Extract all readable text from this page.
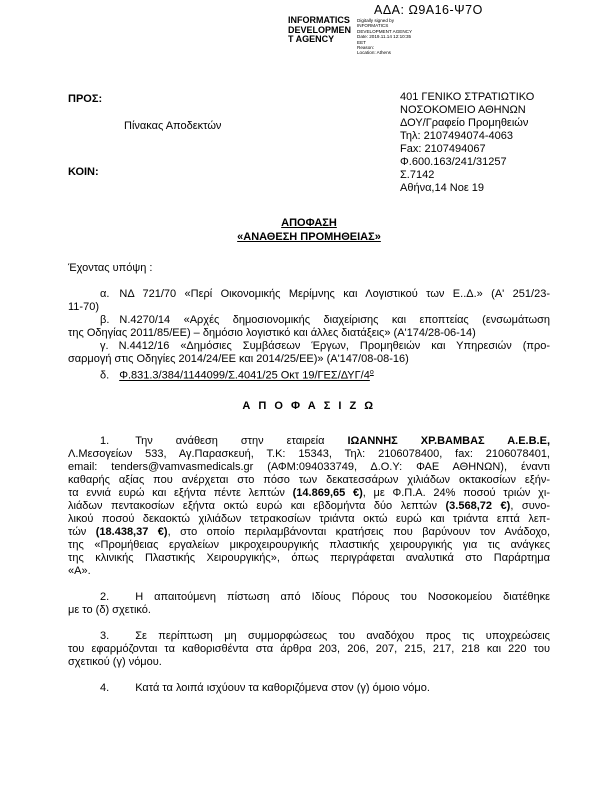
ΑΔΑ: Ω9Α16-Ψ7Ο
INFORMATICS
DEVELOPMEN
T AGENCY
Digitally signed by
INFORMATICS
DEVELOPMENT AGENCY
Date: 2019.11.14 12:10:35
EET
Reason:
Location: Athens
ΠΡΟΣ:
Πίνακας Αποδεκτών
ΚΟΙΝ:
401 ΓΕΝΙΚΟ ΣΤΡΑΤΙΩΤΙΚΟ
ΝΟΣΟΚΟΜΕΙΟ ΑΘΗΝΩΝ
ΔΟΥ/Γραφείο Προμηθειών
Τηλ: 2107494074-4063
Fax: 2107494067
Φ.600.163/241/31257
Σ.7142
Αθήνα,14 Νοε 19
ΑΠΟΦΑΣΗ
«ΑΝΑΘΕΣΗ ΠΡΟΜΗΘΕΙΑΣ»
Έχοντας υπόψη :
α. ΝΔ 721/70 «Περί Οικονομικής Μερίμνης και Λογιστικού των Ε..Δ.» (Α' 251/23-
11-70)
β. Ν.4270/14 «Αρχές δημοσιονομικής διαχείρισης και εποπτείας (ενσωμάτωση
της Οδηγίας 2011/85/ΕΕ) – δημόσιο λογιστικό και άλλες διατάξεις» (Α'174/28-06-14)
γ. Ν.4412/16 «Δημόσιες Συμβάσεων Έργων, Προμηθειών και Υπηρεσιών (προ-
σαρμογή στις Οδηγίες 2014/24/ΕΕ και 2014/25/ΕΕ)» (Α'147/08-08-16)
δ. Φ.831.3/384/1144099/Σ.4041/25 Οκτ $19/\Gamma E\Sigma/\Delta\Upsilon\Gamma/4^o$
Α Π Ο Φ Α Σ Ι Ζ Ω
1. Την ανάθεση στην εταιρεία ΙΩΑΝΝΗΣ ΧΡ.ΒΑΜΒΑΣ Α.Ε.Β.Ε,
Λ.Μεσογείων 533, Αγ.Παρασκευή, Τ.Κ: 15343, Τηλ: 2106078400, fax: 2106078401,
email: tenders@vamvasmedicals.gr (ΑΦΜ:094033749, Δ.Ο.Υ: ΦΑΕ ΑΘΗΝΩΝ), έναντι
καθαρής αξίας που ανέρχεται στο πόσο των δεκατεσσάρων χιλιάδων οκτακοσίων εξήν-
τα εννιά ευρώ και εξήντα πέντε λεπτών (14.869,65 €), με Φ.Π.Α. 24% ποσού τριών χι-
λιάδων πεντακοσίων εξήντα οκτώ ευρώ και εβδομήντα δύο λεπτών (3.568,72 €), συνο-
λικού ποσού δεκαοκτώ χιλιάδων τετρακοσίων τριάντα οκτώ ευρώ και τριάντα επτά λεπ-
τών (18.438,37 €), στο οποίο περιλαμβάνονται κρατήσεις που βαρύνουν τον Ανάδοχο,
της «Προμήθειας εργαλείων μικροχειρουργικής πλαστικής χειρουργικής για τις ανάγκες
της κλινικής Πλαστικής Χειρουργικής», όπως περιγράφεται αναλυτικά στο Παράρτημα
«Α».
2. Η απαιτούμενη πίστωση από Ιδίους Πόρους του Νοσοκομείου διατέθηκε
με το (δ) σχετικό.
3. Σε περίπτωση μη συμμορφώσεως του αναδόχου προς τις υποχρεώσεις
του εφαρμόζονται τα καθορισθέντα στα άρθρα 203, 206, 207, 215, 217, 218 και 220 του
σχετικού (γ) νόμου.
4. Κατά τα λοιπά ισχύουν τα καθοριζόμενα στον (γ) όμοιο νόμο.
